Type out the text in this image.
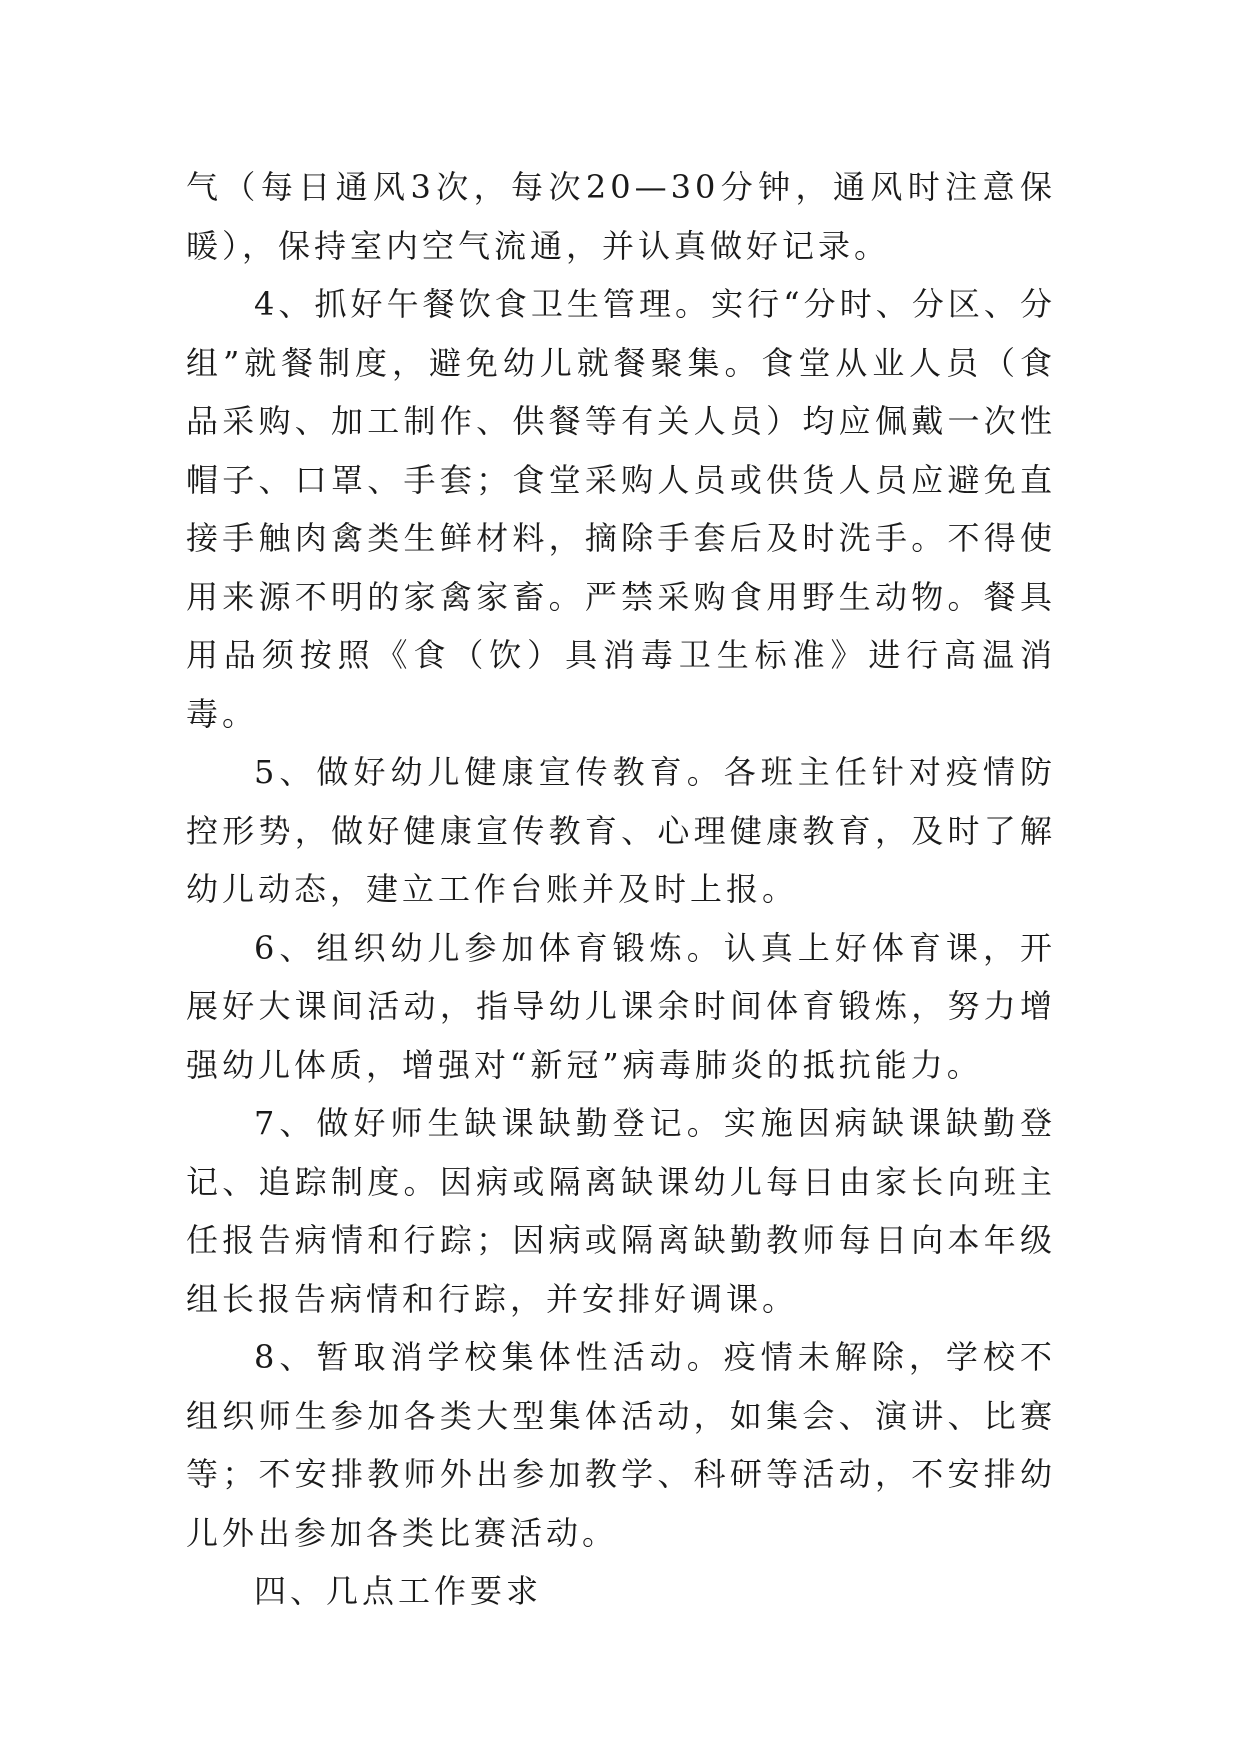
气（每日通风3次，每次20—30分钟，通风时注意保暖），保持室内空气流通，并认真做好记录。

4、抓好午餐饮食卫生管理。实行“分时、分区、分组”就餐制度，避免幼儿就餐聚集。食堂从业人员（食品采购、加工制作、供餐等有关人员）均应佩戴一次性帽子、口罩、手套；食堂采购人员或供货人员应避免直接手触肉禽类生鲜材料，摘除手套后及时洗手。不得使用来源不明的家禽家畜。严禁采购食用野生动物。餐具用品须按照《食（饮）具消毒卫生标准》进行高温消毒。

5、做好幼儿健康宣传教育。各班主任针对疫情防控形势，做好健康宣传教育、心理健康教育，及时了解幼儿动态，建立工作台账并及时上报。

6、组织幼儿参加体育锻炼。认真上好体育课，开展好大课间活动，指导幼儿课余时间体育锻炼，努力增强幼儿体质，增强对“新冠”病毒肺炎的抵抗能力。

7、做好师生缺课缺勤登记。实施因病缺课缺勤登记、追踪制度。因病或隔离缺课幼儿每日由家长向班主任报告病情和行踪；因病或隔离缺勤教师每日向本年级组长报告病情和行踪，并安排好调课。

8、暂取消学校集体性活动。疫情未解除，学校不组织师生参加各类大型集体活动，如集会、演讲、比赛等；不安排教师外出参加教学、科研等活动，不安排幼儿外出参加各类比赛活动。

四、几点工作要求
